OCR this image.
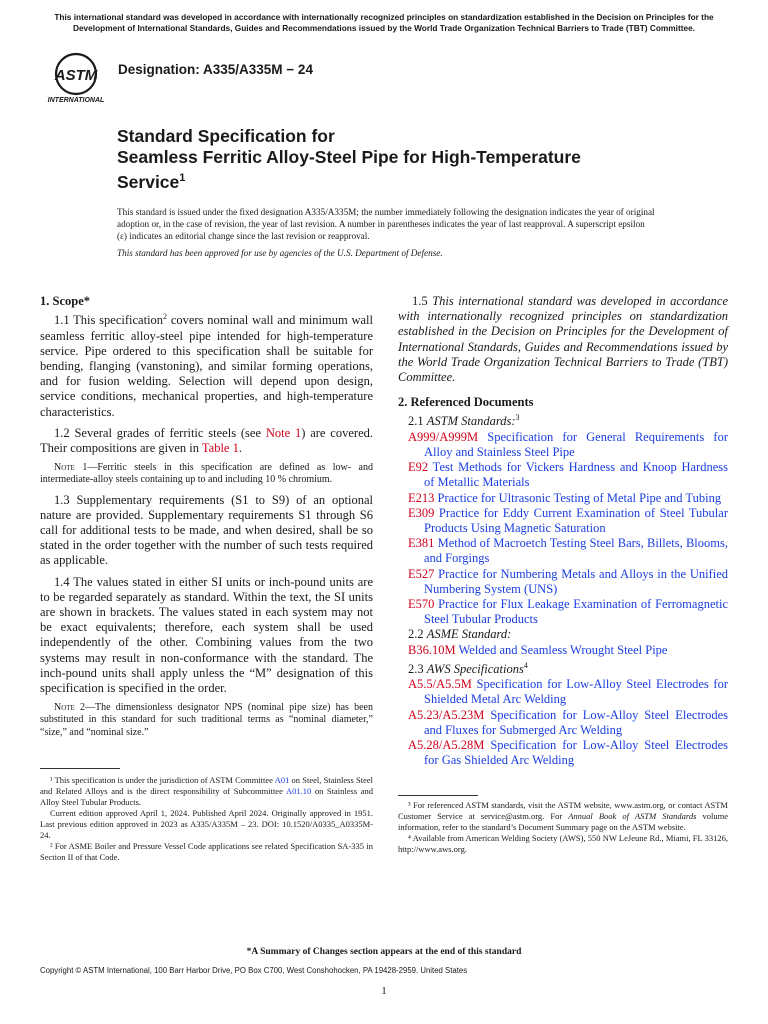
This international standard was developed in accordance with internationally recognized principles on standardization established in the Decision on Principles for the Development of International Standards, Guides and Recommendations issued by the World Trade Organization Technical Barriers to Trade (TBT) Committee.
ASTM
INTERNATIONAL
Designation: A335/A335M − 24
Standard Specification for
Seamless Ferritic Alloy-Steel Pipe for High-Temperature
Service$^1$
This standard is issued under the fixed designation A335/A335M; the number immediately following the designation indicates the year of original adoption or, in the case of revision, the year of last revision. A number in parentheses indicates the year of last reapproval. A superscript epsilon (ε) indicates an editorial change since the last revision or reapproval.
This standard has been approved for use by agencies of the U.S. Department of Defense.

1. Scope*

1.1 This specification$^2$ covers nominal wall and minimum wall seamless ferritic alloy-steel pipe intended for high-temperature service. Pipe ordered to this specification shall be suitable for bending, flanging (vanstoning), and similar forming operations, and for fusion welding. Selection will depend upon design, service conditions, mechanical properties, and high-temperature characteristics.

1.2 Several grades of ferritic steels (see Note 1) are covered. Their compositions are given in Table 1.

Note 1—Ferritic steels in this specification are defined as low- and intermediate-alloy steels containing up to and including 10 % chromium.

1.3 Supplementary requirements (S1 to S9) of an optional nature are provided. Supplementary requirements S1 through S6 call for additional tests to be made, and when desired, shall be so stated in the order together with the number of such tests required as applicable.

1.4 The values stated in either SI units or inch-pound units are to be regarded separately as standard. Within the text, the SI units are shown in brackets. The values stated in each system may not be exact equivalents; therefore, each system shall be used independently of the other. Combining values from the two systems may result in non-conformance with the standard. The inch-pound units shall apply unless the “M” designation of this specification is specified in the order.

Note 2—The dimensionless designator NPS (nominal pipe size) has been substituted in this standard for such traditional terms as “nominal diameter,” “size,” and “nominal size.”

¹ This specification is under the jurisdiction of ASTM Committee A01 on Steel, Stainless Steel and Related Alloys and is the direct responsibility of Subcommittee A01.10 on Stainless and Alloy Steel Tubular Products.

Current edition approved April 1, 2024. Published April 2024. Originally approved in 1951. Last previous edition approved in 2023 as A335/A335M – 23. DOI: 10.1520/A0335_A0335M-24.

² For ASME Boiler and Pressure Vessel Code applications see related Specification SA-335 in Section II of that Code.

1.5 This international standard was developed in accordance with internationally recognized principles on standardization established in the Decision on Principles for the Development of International Standards, Guides and Recommendations issued by the World Trade Organization Technical Barriers to Trade (TBT) Committee.

2. Referenced Documents

2.1 ASTM Standards:$^3$

A999/A999M Specification for General Requirements for Alloy and Stainless Steel Pipe

E92 Test Methods for Vickers Hardness and Knoop Hardness of Metallic Materials

E213 Practice for Ultrasonic Testing of Metal Pipe and Tubing

E309 Practice for Eddy Current Examination of Steel Tubular Products Using Magnetic Saturation

E381 Method of Macroetch Testing Steel Bars, Billets, Blooms, and Forgings

E527 Practice for Numbering Metals and Alloys in the Unified Numbering System (UNS)

E570 Practice for Flux Leakage Examination of Ferromagnetic Steel Tubular Products

2.2 ASME Standard:

B36.10M Welded and Seamless Wrought Steel Pipe

2.3 AWS Specifications$^4$

A5.5/A5.5M Specification for Low-Alloy Steel Electrodes for Shielded Metal Arc Welding

A5.23/A5.23M Specification for Low-Alloy Steel Electrodes and Fluxes for Submerged Arc Welding

A5.28/A5.28M Specification for Low-Alloy Steel Electrodes for Gas Shielded Arc Welding

³ For referenced ASTM standards, visit the ASTM website, www.astm.org, or contact ASTM Customer Service at service@astm.org. For Annual Book of ASTM Standards volume information, refer to the standard’s Document Summary page on the ASTM website.

⁴ Available from American Welding Society (AWS), 550 NW LeJeune Rd., Miami, FL 33126, http://www.aws.org.

*A Summary of Changes section appears at the end of this standard
Copyright © ASTM International, 100 Barr Harbor Drive, PO Box C700, West Conshohocken, PA 19428-2959. United States
1
